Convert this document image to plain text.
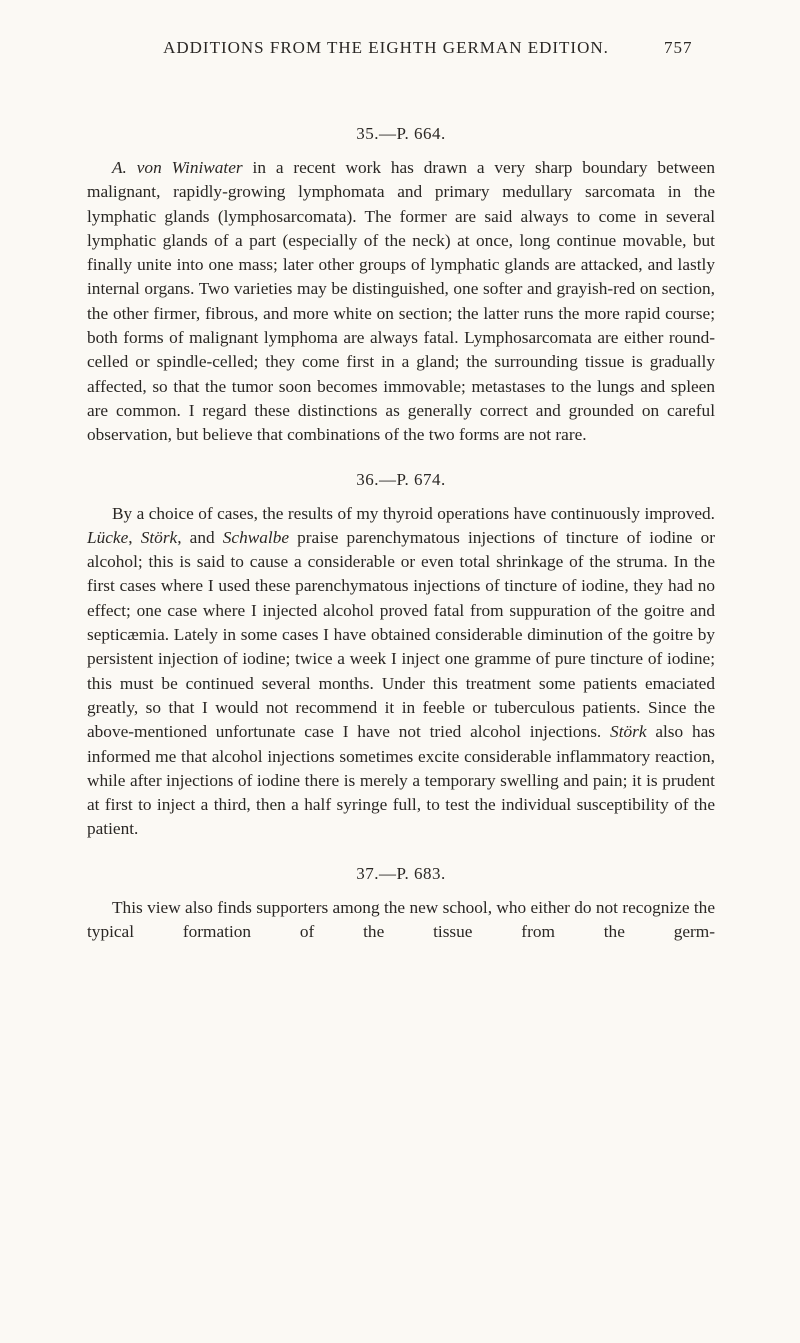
ADDITIONS FROM THE EIGHTH GERMAN EDITION.	757
35.—P. 664.

A. von Winiwater in a recent work has drawn a very sharp boundary between malignant, rapidly-growing lymphomata and primary medullary sarcomata in the lymphatic glands (lymphosarcomata). The former are said always to come in several lymphatic glands of a part (especially of the neck) at once, long continue movable, but finally unite into one mass; later other groups of lymphatic glands are attacked, and lastly internal organs. Two varieties may be distinguished, one softer and grayish-red on section, the other firmer, fibrous, and more white on section; the latter runs the more rapid course; both forms of malignant lymphoma are always fatal. Lymphosarcomata are either round-celled or spindle-celled; they come first in a gland; the surrounding tissue is gradually affected, so that the tumor soon becomes immovable; metastases to the lungs and spleen are common. I regard these distinctions as generally correct and grounded on careful observation, but believe that combinations of the two forms are not rare.

36.—P. 674.

By a choice of cases, the results of my thyroid operations have continuously improved. Lücke, Störk, and Schwalbe praise parenchymatous injections of tincture of iodine or alcohol; this is said to cause a considerable or even total shrinkage of the struma. In the first cases where I used these parenchymatous injections of tincture of iodine, they had no effect; one case where I injected alcohol proved fatal from suppuration of the goitre and septicæmia. Lately in some cases I have obtained considerable diminution of the goitre by persistent injection of iodine; twice a week I inject one gramme of pure tincture of iodine; this must be continued several months. Under this treatment some patients emaciated greatly, so that I would not recommend it in feeble or tuberculous patients. Since the above-mentioned unfortunate case I have not tried alcohol injections. Störk also has informed me that alcohol injections sometimes excite considerable inflammatory reaction, while after injections of iodine there is merely a temporary swelling and pain; it is prudent at first to inject a third, then a half syringe full, to test the individual susceptibility of the patient.

37.—P. 683.

This view also finds supporters among the new school, who either do not recognize the typical formation of the tissue from the germ-
